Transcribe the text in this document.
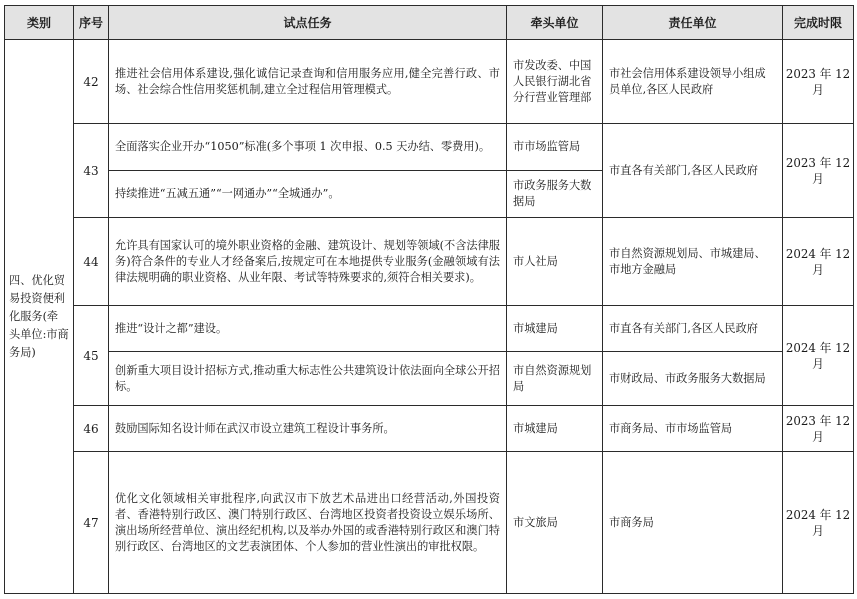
类别	序号	试点任务	牵头单位	责任单位	完成时限
四、优化贸易投资便利化服务(牵头单位:市商务局)	42	推进社会信用体系建设,强化诚信记录查询和信用服务应用,健全完善行政、市场、社会综合性信用奖惩机制,建立全过程信用管理模式。	市发改委、中国人民银行湖北省分行营业管理部	市社会信用体系建设领导小组成员单位,各区人民政府	2023 年 12 月
	43	全面落实企业开办“1050”标准(多个事项 1 次申报、0.5 天办结、零费用)。	市市场监管局	市直各有关部门,各区人民政府	2023 年 12 月
		持续推进“五减五通”“一网通办”“全城通办”。	市政务服务大数据局		
	44	允许具有国家认可的境外职业资格的金融、建筑设计、规划等领域(不含法律服务)符合条件的专业人才经备案后,按规定可在本地提供专业服务(金融领域有法律法规明确的职业资格、从业年限、考试等特殊要求的,须符合相关要求)。	市人社局	市自然资源规划局、市城建局、市地方金融局	2024 年 12 月
	45	推进“设计之都”建设。	市城建局	市直各有关部门,各区人民政府	2024 年 12 月
		创新重大项目设计招标方式,推动重大标志性公共建筑设计依法面向全球公开招标。	市自然资源规划局	市财政局、市政务服务大数据局	
	46	鼓励国际知名设计师在武汉市设立建筑工程设计事务所。	市城建局	市商务局、市市场监管局	2023 年 12 月
	47	优化文化领域相关审批程序,向武汉市下放艺术品进出口经营活动,外国投资者、香港特别行政区、澳门特别行政区、台湾地区投资者投资设立娱乐场所、演出场所经营单位、演出经纪机构,以及举办外国的或香港特别行政区和澳门特别行政区、台湾地区的文艺表演团体、个人参加的营业性演出的审批权限。	市文旅局	市商务局	2024 年 12 月
